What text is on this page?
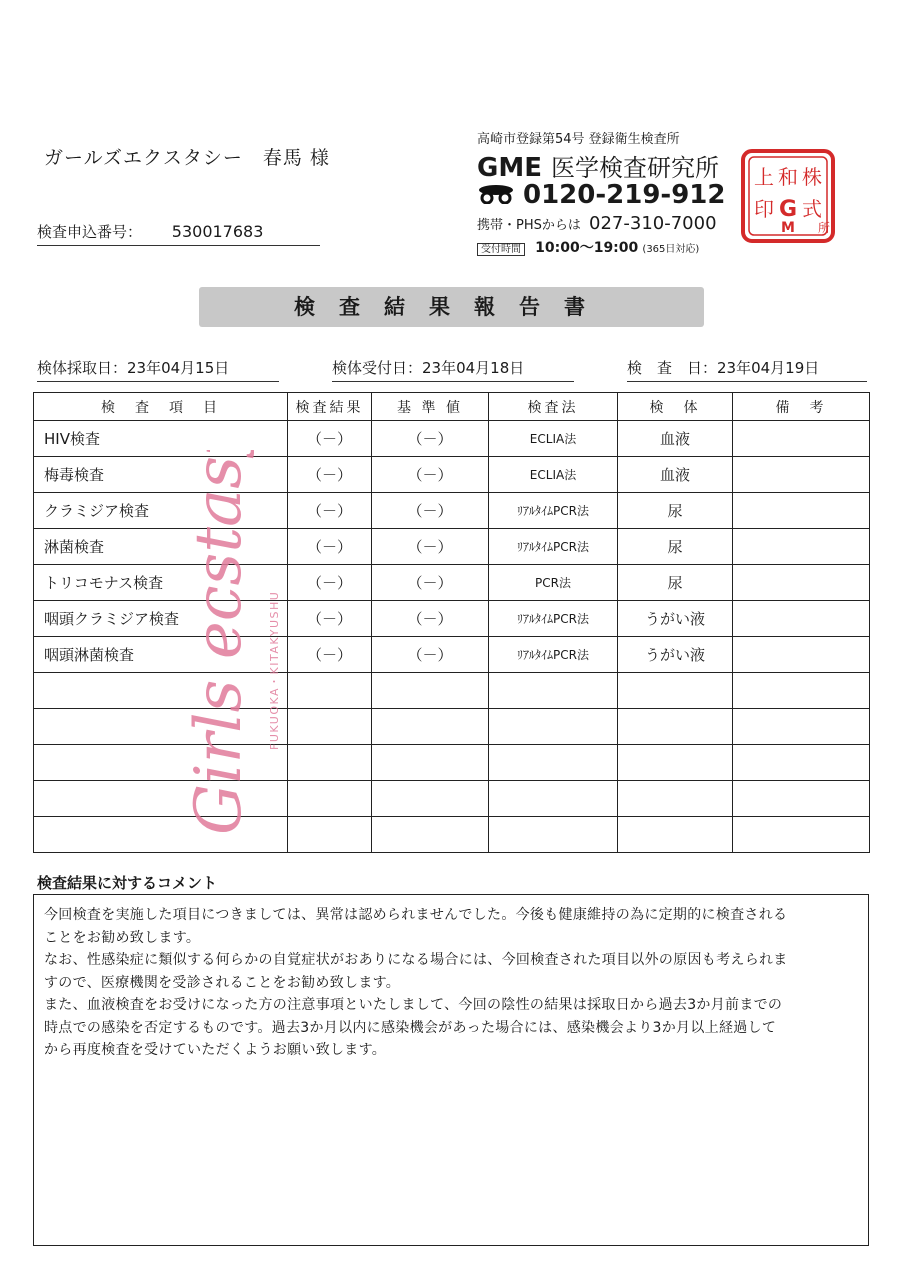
ガールズエクスタシー　春馬 様
検査申込番号： 530017683
高崎市登録第54号 登録衛生検査所
GME 医学検査研究所
0120-219-912
携帯・PHSからは 027-310-7000
受付時間 10:00～19:00 (365日対応)
株
式
和
G
M
上
印
所
検査結果報告書
検体採取日：23年04月15日	検体受付日：23年04月18日	検　査　日：23年04月19日
検　査　項　目	検査結果	基 準 値	検査法	検　体	備　考
HIV検査	（－）	（－）	ECLIA法	血液	
梅毒検査	（－）	（－）	ECLIA法	血液	
クラミジア検査	（－）	（－）	ﾘｱﾙﾀｲﾑPCR法	尿	
淋菌検査	（－）	（－）	ﾘｱﾙﾀｲﾑPCR法	尿	
トリコモナス検査	（－）	（－）	PCR法	尿	
咽頭クラミジア検査	（－）	（－）	ﾘｱﾙﾀｲﾑPCR法	うがい液	
咽頭淋菌検査	（－）	（－）	ﾘｱﾙﾀｲﾑPCR法	うがい液	

Girls ecstasy FUKUOKA・KITAKYUSHU
検査結果に対するコメント

今回検査を実施した項目につきましては、異常は認められませんでした。今後も健康維持の為に定期的に検査される
ことをお勧め致します。
なお、性感染症に類似する何らかの自覚症状がおありになる場合には、今回検査された項目以外の原因も考えられま
すので、医療機関を受診されることをお勧め致します。
また、血液検査をお受けになった方の注意事項といたしまして、今回の陰性の結果は採取日から過去3か月前までの
時点での感染を否定するものです。過去3か月以内に感染機会があった場合には、感染機会より3か月以上経過して
から再度検査を受けていただくようお願い致します。
